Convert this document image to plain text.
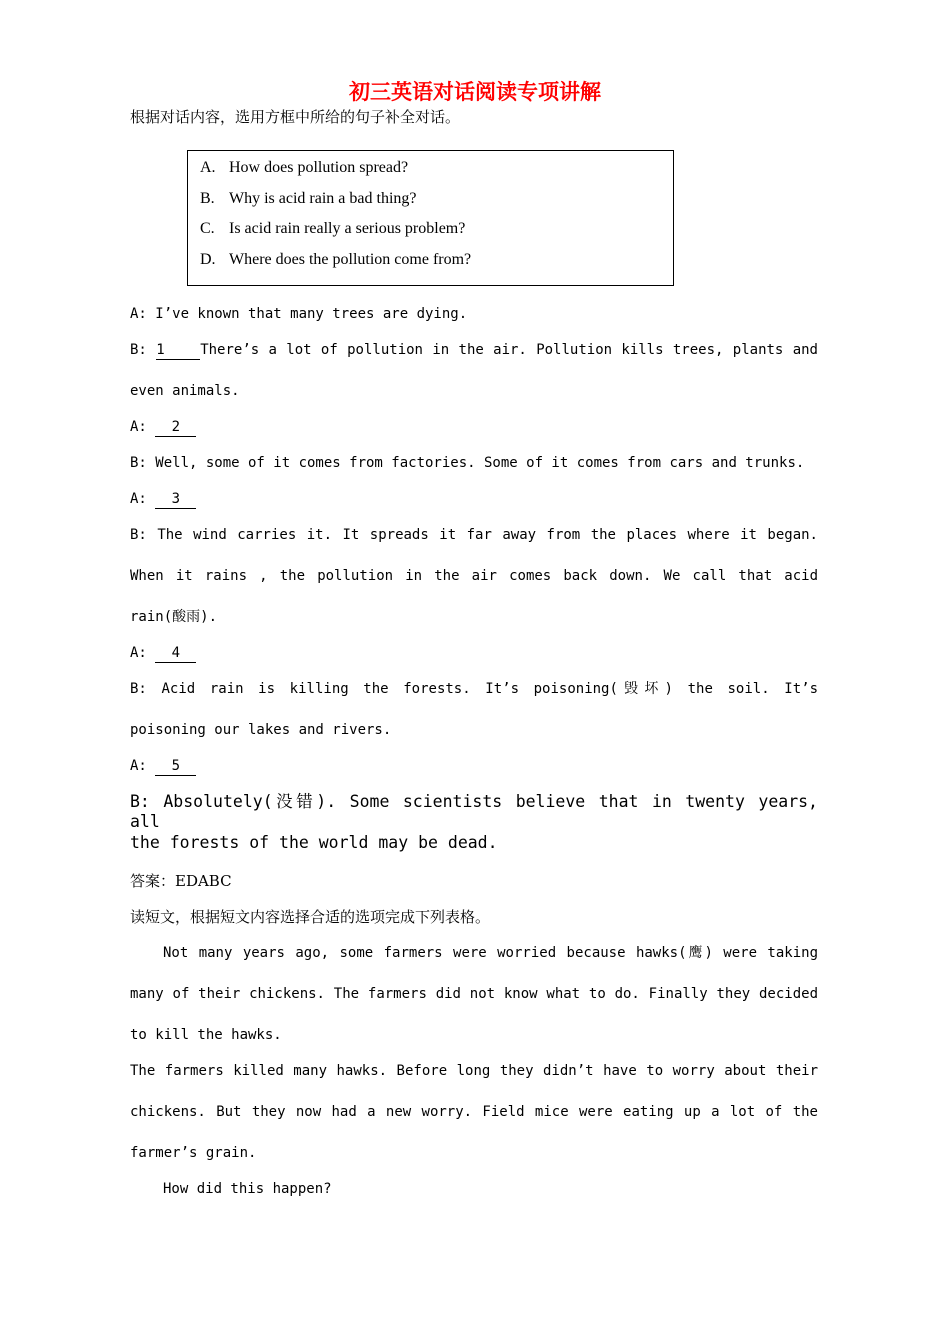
初三英语对话阅读专项讲解
根据对话内容，选用方框中所给的句子补全对话。
A. How does pollution spread?
B. Why is acid rain a bad thing?
C. Is acid rain really a serious problem?
D. Where does the pollution come from?
A: I’ve known that many trees are dying.
B: 1	There’s a lot of pollution in the air. Pollution kills trees, plants and
even animals.
A: 2
B: Well, some of it comes from factories. Some of it comes from cars and trunks.
A: 3
B: The wind carries it. It spreads it far away from the places where it began.
When it rains , the pollution in the air comes back down. We call that acid
rain(酸雨).
A: 4
B: Acid rain is killing the forests. It’s poisoning(毁坏) the soil. It’s
poisoning our lakes and rivers.
A: 5
B: Absolutely(没错). Some scientists believe that in twenty years, all
the forests of the world may be dead.
答案：EDABC
读短文，根据短文内容选择合适的选项完成下列表格。
Not many years ago, some farmers were worried because hawks(鹰) were taking
many of their chickens. The farmers did not know what to do. Finally they decided
to kill the hawks.
The farmers killed many hawks. Before long they didn’t have to worry about their
chickens. But they now had a new worry. Field mice were eating up a lot of the
farmer’s grain.
How did this happen?
